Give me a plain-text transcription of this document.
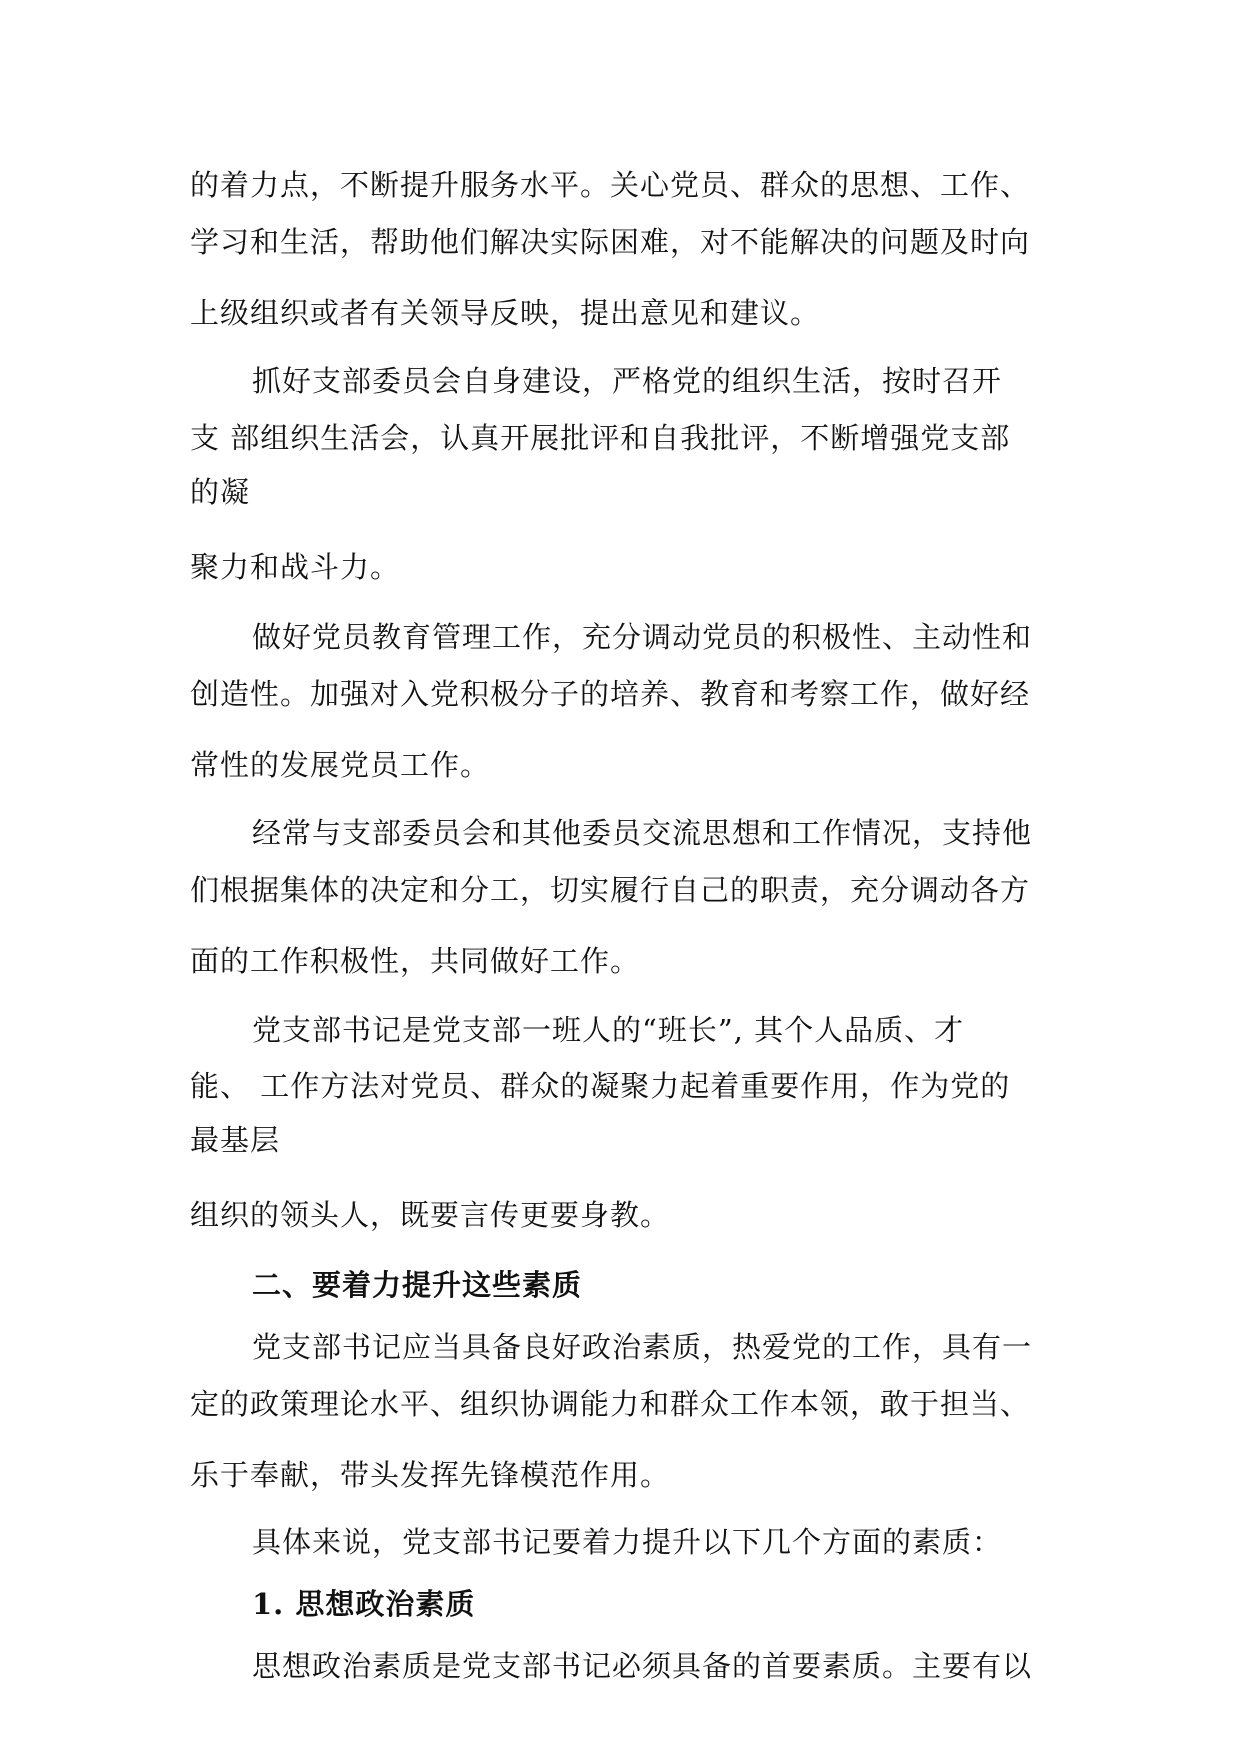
的着力点，不断提升服务水平。关心党员、群众的思想、工作、
学习和生活，帮助他们解决实际困难，对不能解决的问题及时向
上级组织或者有关领导反映，提出意见和建议。
抓好支部委员会自身建设，严格党的组织生活，按时召开
支 部组织生活会，认真开展批评和自我批评，不断增强党支部
的凝
聚力和战斗力。
做好党员教育管理工作，充分调动党员的积极性、主动性和
创造性。加强对入党积极分子的培养、教育和考察工作，做好经
常性的发展党员工作。
经常与支部委员会和其他委员交流思想和工作情况，支持他
们根据集体的决定和分工，切实履行自己的职责，充分调动各方
面的工作积极性，共同做好工作。
党支部书记是党支部一班人的“班长”, 其个人品质、才
能、 工作方法对党员、群众的凝聚力起着重要作用，作为党的
最基层
组织的领头人，既要言传更要身教。
二、要着力提升这些素质
党支部书记应当具备良好政治素质，热爱党的工作，具有一
定的政策理论水平、组织协调能力和群众工作本领，敢于担当、
乐于奉献，带头发挥先锋模范作用。
具体来说，党支部书记要着力提升以下几个方面的素质：
1. 思想政治素质
思想政治素质是党支部书记必须具备的首要素质。主要有以
